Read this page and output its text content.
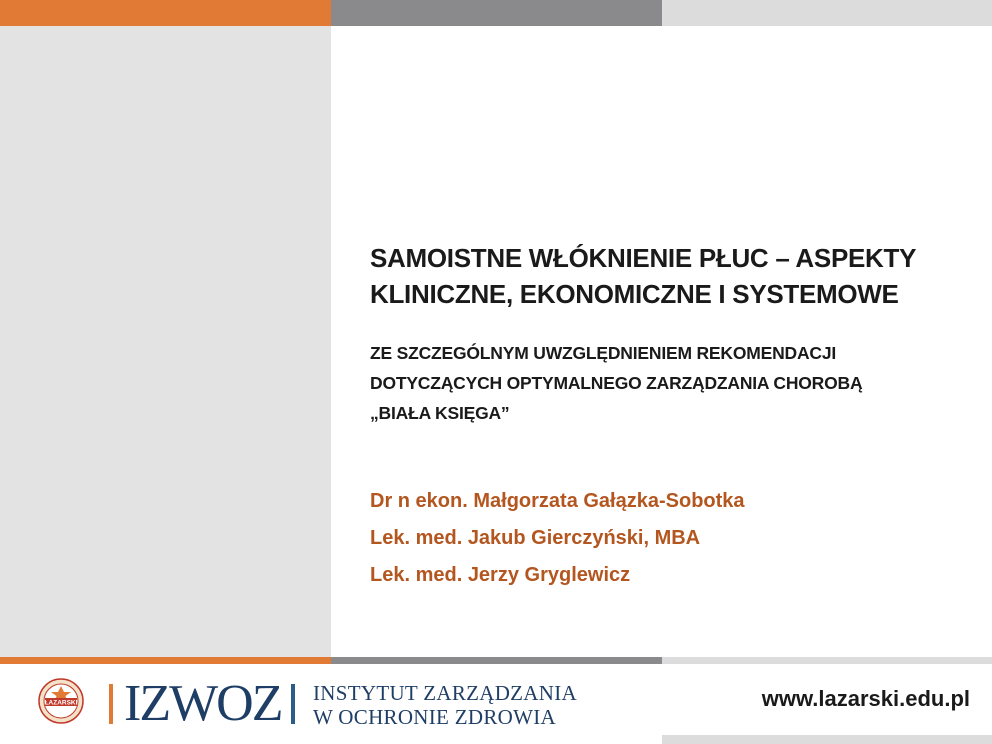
SAMOISTNE WŁÓKNIENIE PŁUC – ASPEKTY
KLINICZNE, EKONOMICZNE I SYSTEMOWE
ZE SZCZEGÓLNYM UWZGLĘDNIENIEM REKOMENDACJI
DOTYCZĄCYCH OPTYMALNEGO ZARZĄDZANIA CHOROBĄ
„BIAŁA KSIĘGA”
Dr n ekon. Małgorzata Gałązka-Sobotka
Lek. med. Jakub Gierczyński, MBA
Lek. med. Jerzy Gryglewicz
ŁAZARSKI IZWOZ INSTYTUT ZARZĄDZANIA
W OCHRONIE ZDROWIA
www.lazarski.edu.pl
